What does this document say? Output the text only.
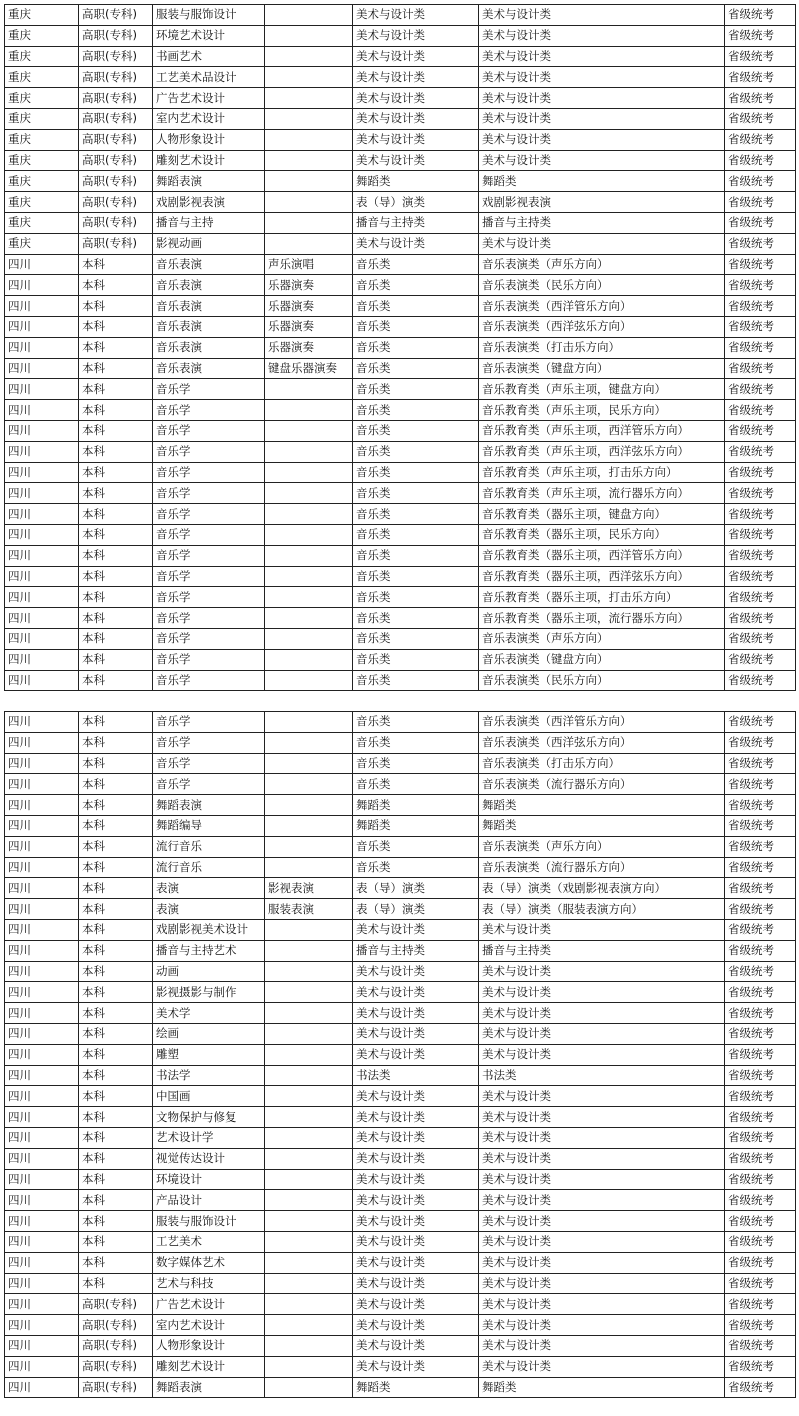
重庆	高职(专科)	服装与服饰设计		美术与设计类	美术与设计类	省级统考
重庆	高职(专科)	环境艺术设计		美术与设计类	美术与设计类	省级统考
重庆	高职(专科)	书画艺术		美术与设计类	美术与设计类	省级统考
重庆	高职(专科)	工艺美术品设计		美术与设计类	美术与设计类	省级统考
重庆	高职(专科)	广告艺术设计		美术与设计类	美术与设计类	省级统考
重庆	高职(专科)	室内艺术设计		美术与设计类	美术与设计类	省级统考
重庆	高职(专科)	人物形象设计		美术与设计类	美术与设计类	省级统考
重庆	高职(专科)	雕刻艺术设计		美术与设计类	美术与设计类	省级统考
重庆	高职(专科)	舞蹈表演		舞蹈类	舞蹈类	省级统考
重庆	高职(专科)	戏剧影视表演		表（导）演类	戏剧影视表演	省级统考
重庆	高职(专科)	播音与主持		播音与主持类	播音与主持类	省级统考
重庆	高职(专科)	影视动画		美术与设计类	美术与设计类	省级统考
四川	本科	音乐表演	声乐演唱	音乐类	音乐表演类（声乐方向）	省级统考
四川	本科	音乐表演	乐器演奏	音乐类	音乐表演类（民乐方向）	省级统考
四川	本科	音乐表演	乐器演奏	音乐类	音乐表演类（西洋管乐方向）	省级统考
四川	本科	音乐表演	乐器演奏	音乐类	音乐表演类（西洋弦乐方向）	省级统考
四川	本科	音乐表演	乐器演奏	音乐类	音乐表演类（打击乐方向）	省级统考
四川	本科	音乐表演	键盘乐器演奏	音乐类	音乐表演类（键盘方向）	省级统考
四川	本科	音乐学		音乐类	音乐教育类（声乐主项，键盘方向）	省级统考
四川	本科	音乐学		音乐类	音乐教育类（声乐主项，民乐方向）	省级统考
四川	本科	音乐学		音乐类	音乐教育类（声乐主项，西洋管乐方向）	省级统考
四川	本科	音乐学		音乐类	音乐教育类（声乐主项，西洋弦乐方向）	省级统考
四川	本科	音乐学		音乐类	音乐教育类（声乐主项，打击乐方向）	省级统考
四川	本科	音乐学		音乐类	音乐教育类（声乐主项，流行器乐方向）	省级统考
四川	本科	音乐学		音乐类	音乐教育类（器乐主项，键盘方向）	省级统考
四川	本科	音乐学		音乐类	音乐教育类（器乐主项，民乐方向）	省级统考
四川	本科	音乐学		音乐类	音乐教育类（器乐主项，西洋管乐方向）	省级统考
四川	本科	音乐学		音乐类	音乐教育类（器乐主项，西洋弦乐方向）	省级统考
四川	本科	音乐学		音乐类	音乐教育类（器乐主项，打击乐方向）	省级统考
四川	本科	音乐学		音乐类	音乐教育类（器乐主项，流行器乐方向）	省级统考
四川	本科	音乐学		音乐类	音乐表演类（声乐方向）	省级统考
四川	本科	音乐学		音乐类	音乐表演类（键盘方向）	省级统考
四川	本科	音乐学		音乐类	音乐表演类（民乐方向）	省级统考
四川	本科	音乐学		音乐类	音乐表演类（西洋管乐方向）	省级统考
四川	本科	音乐学		音乐类	音乐表演类（西洋弦乐方向）	省级统考
四川	本科	音乐学		音乐类	音乐表演类（打击乐方向）	省级统考
四川	本科	音乐学		音乐类	音乐表演类（流行器乐方向）	省级统考
四川	本科	舞蹈表演		舞蹈类	舞蹈类	省级统考
四川	本科	舞蹈编导		舞蹈类	舞蹈类	省级统考
四川	本科	流行音乐		音乐类	音乐表演类（声乐方向）	省级统考
四川	本科	流行音乐		音乐类	音乐表演类（流行器乐方向）	省级统考
四川	本科	表演	影视表演	表（导）演类	表（导）演类（戏剧影视表演方向）	省级统考
四川	本科	表演	服装表演	表（导）演类	表（导）演类（服装表演方向）	省级统考
四川	本科	戏剧影视美术设计		美术与设计类	美术与设计类	省级统考
四川	本科	播音与主持艺术		播音与主持类	播音与主持类	省级统考
四川	本科	动画		美术与设计类	美术与设计类	省级统考
四川	本科	影视摄影与制作		美术与设计类	美术与设计类	省级统考
四川	本科	美术学		美术与设计类	美术与设计类	省级统考
四川	本科	绘画		美术与设计类	美术与设计类	省级统考
四川	本科	雕塑		美术与设计类	美术与设计类	省级统考
四川	本科	书法学		书法类	书法类	省级统考
四川	本科	中国画		美术与设计类	美术与设计类	省级统考
四川	本科	文物保护与修复		美术与设计类	美术与设计类	省级统考
四川	本科	艺术设计学		美术与设计类	美术与设计类	省级统考
四川	本科	视觉传达设计		美术与设计类	美术与设计类	省级统考
四川	本科	环境设计		美术与设计类	美术与设计类	省级统考
四川	本科	产品设计		美术与设计类	美术与设计类	省级统考
四川	本科	服装与服饰设计		美术与设计类	美术与设计类	省级统考
四川	本科	工艺美术		美术与设计类	美术与设计类	省级统考
四川	本科	数字媒体艺术		美术与设计类	美术与设计类	省级统考
四川	本科	艺术与科技		美术与设计类	美术与设计类	省级统考
四川	高职(专科)	广告艺术设计		美术与设计类	美术与设计类	省级统考
四川	高职(专科)	室内艺术设计		美术与设计类	美术与设计类	省级统考
四川	高职(专科)	人物形象设计		美术与设计类	美术与设计类	省级统考
四川	高职(专科)	雕刻艺术设计		美术与设计类	美术与设计类	省级统考
四川	高职(专科)	舞蹈表演		舞蹈类	舞蹈类	省级统考
